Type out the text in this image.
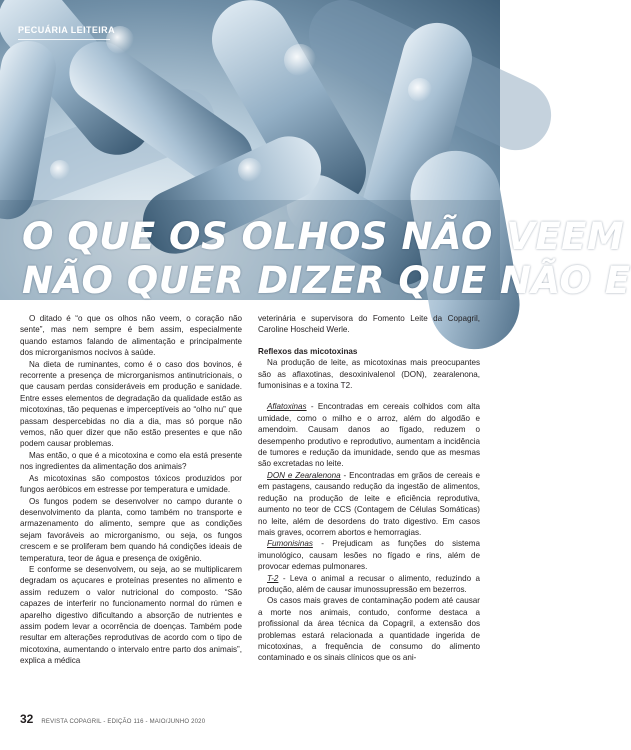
PECUÁRIA LEITEIRA
O QUE OS OLHOS NÃO VEEM
NÃO QUER DIZER QUE NÃO E

O ditado é “o que os olhos não veem, o coração não sente”, mas nem sempre é bem assim, especialmente quando estamos falando de alimentação e principalmente dos microrganismos nocivos à saúde.

Na dieta de ruminantes, como é o caso dos bovinos, é recorrente a presença de microrganismos antinutricionais, o que causam perdas consideráveis em produção e sanidade. Entre esses elementos de degradação da qualidade estão as micotoxinas, tão pequenas e imperceptíveis ao “olho nu” que passam despercebidas no dia a dia, mas só porque não vemos, não quer dizer que não estão presentes e que não podem causar problemas.

Mas então, o que é a micotoxina e como ela está presente nos ingredientes da alimentação dos animais?

As micotoxinas são compostos tóxicos produzidos por fungos aeróbicos em estresse por temperatura e umidade.

Os fungos podem se desenvolver no campo durante o desenvolvimento da planta, como também no transporte e armazenamento do alimento, sempre que as condições sejam favoráveis ao microrganismo, ou seja, os fungos crescem e se proliferam bem quando há condições ideais de temperatura, teor de água e presença de oxigênio.

E conforme se desenvolvem, ou seja, ao se multiplicarem degradam os açucares e proteínas presentes no alimento e assim reduzem o valor nutricional do composto. “São capazes de interferir no funcionamento normal do rúmen e aparelho digestivo dificultando a absorção de nutrientes e assim podem levar a ocorrência de doenças. Também pode resultar em alterações reprodutivas de acordo com o tipo de micotoxina, aumentando o intervalo entre parto dos animais”, explica a médica

veterinária e supervisora do Fomento Leite da Copagril, Caroline Hoscheid Werle.

Reflexos das micotoxinas

Na produção de leite, as micotoxinas mais preocupantes são as aflaxotinas, desoxinivalenol (DON), zearalenona, fumonisinas e a toxina T2.

Aflatoxinas - Encontradas em cereais colhidos com alta umidade, como o milho e o arroz, além do algodão e amendoim. Causam danos ao fígado, reduzem o desempenho produtivo e reprodutivo, aumentam a incidência de tumores e redução da imunidade, sendo que as mesmas são excretadas no leite.

DON e Zearalenona - Encontradas em grãos de cereais e em pastagens, causando redução da ingestão de alimentos, redução na produção de leite e eficiência reprodutiva, aumento no teor de CCS (Contagem de Células Somáticas) no leite, além de desordens do trato digestivo. Em casos mais graves, ocorrem abortos e hemorragias.

Fumonisinas - Prejudicam as funções do sistema imunológico, causam lesões no fígado e rins, além de provocar edemas pulmonares.

T-2 - Leva o animal a recusar o alimento, reduzindo a produção, além de causar imunossupressão em bezerros.

Os casos mais graves de contaminação podem até causar a morte nos animais, contudo, conforme destaca a profissional da área técnica da Copagril, a extensão dos problemas estará relacionada a quantidade ingerida de micotoxinas, a frequência de consumo do alimento contaminado e os sinais clínicos que os ani-

32 REVISTA COPAGRIL - EDIÇÃO 116 - MAIO/JUNHO 2020
